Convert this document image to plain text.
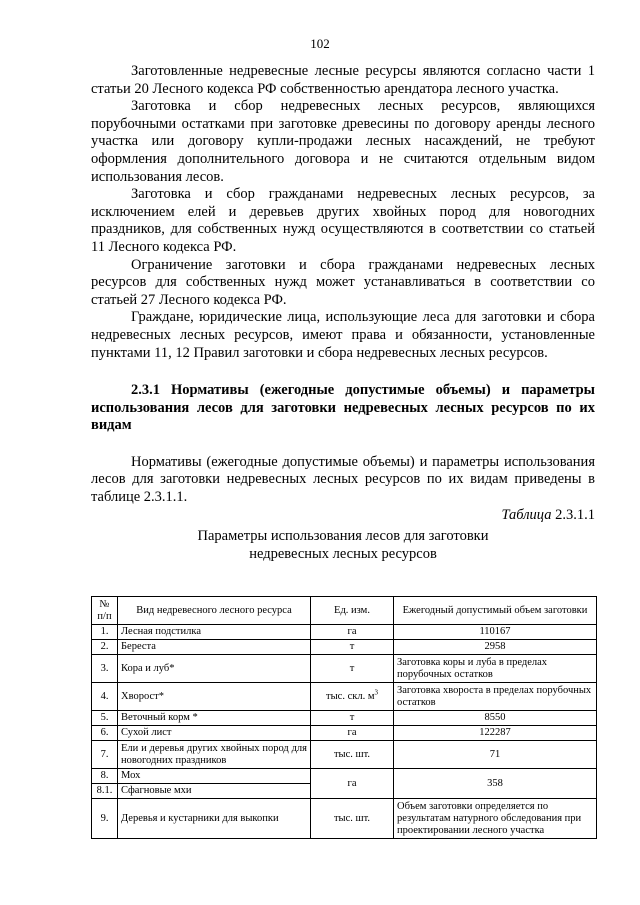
102

Заготовленные недревесные лесные ресурсы являются согласно части 1 статьи 20 Лесного кодекса РФ собственностью арендатора лесного участка.

Заготовка и сбор недревесных лесных ресурсов, являющихся порубочными остатками при заготовке древесины по договору аренды лесного участка или договору купли-продажи лесных насаждений, не требуют оформления дополнительного договора и не считаются отдельным видом использования лесов.

Заготовка и сбор гражданами недревесных лесных ресурсов, за исключением елей и деревьев других хвойных пород для новогодних праздников, для собственных нужд осуществляются в соответствии со статьей 11 Лесного кодекса РФ.

Ограничение заготовки и сбора гражданами недревесных лесных ресурсов для собственных нужд может устанавливаться в соответствии со статьей 27 Лесного кодекса РФ.

Граждане, юридические лица, использующие леса для заготовки и сбора недревесных лесных ресурсов, имеют права и обязанности, установленные пунктами 11, 12 Правил заготовки и сбора недревесных лесных ресурсов.

2.3.1 Нормативы (ежегодные допустимые объемы) и параметры использования лесов для заготовки недревесных лесных ресурсов по их видам

Нормативы (ежегодные допустимые объемы) и параметры использования лесов для заготовки недревесных лесных ресурсов по их видам приведены в таблице 2.3.1.1.

Таблица 2.3.1.1
Параметры использования лесов для заготовки
недревесных лесных ресурсов
№
п/п	Вид недревесного лесного ресурса	Ед. изм.	Ежегодный допустимый объем заготовки
1.	Лесная подстилка	га	110167
2.	Береста	т	2958
3.	Кора и луб*	т	Заготовка коры и луба в пределах порубочных остатков
4.	Хворост*	тыс. скл. $м^3$	Заготовка хвороста в пределах порубочных остатков
5.	Веточный корм *	т	8550
6.	Сухой лист	га	122287
7.	Ели и деревья других хвойных пород для новогодних праздников	тыс. шт.	71
8.	Мох	га	358
8.1.	Сфагновые мхи		
9.	Деревья и кустарники для выкопки	тыс. шт.	Объем заготовки определяется по результатам натурного обследования при проектировании лесного участка
